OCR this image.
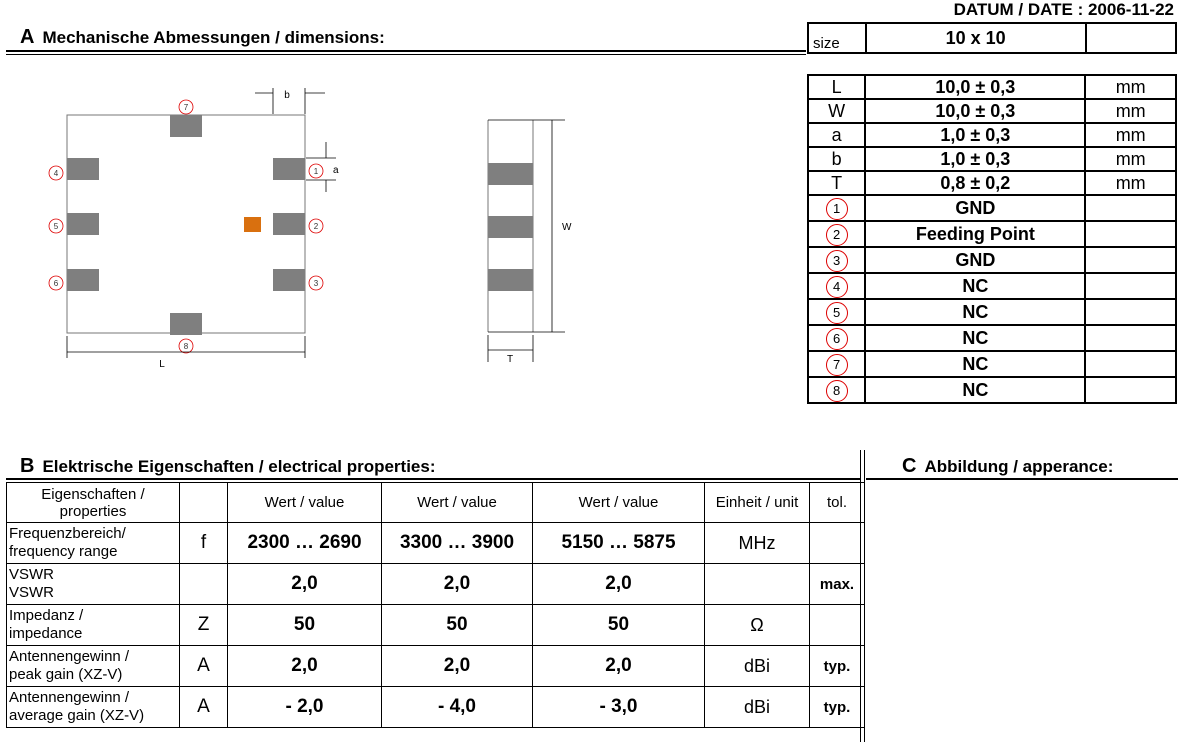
DATUM / DATE : 2006-11-22
A Mechanische Abmessungen / dimensions:	size	10 x 10	
7
8
4
5
6
1
2
3
b
a
L
W
T
L	10,0 ± 0,3	mm
W	10,0 ± 0,3	mm
a	1,0 ± 0,3	mm
b	1,0 ± 0,3	mm
T	0,8 ± 0,2	mm
1	GND	
2	Feeding Point	
3	GND	
4	NC	
5	NC	
6	NC	
7	NC	
8	NC	
B Elektrische Eigenschaften / electrical properties:	C Abbildung / apperance:
Eigenschaften /
properties		Wert / value	Wert / value	Wert / value	Einheit / unit	tol.
Frequenzbereich/
frequency range	f	2300 … 2690	3300 … 3900	5150 … 5875	MHz	
VSWR
VSWR		2,0	2,0	2,0		max.
Impedanz /
impedance	Z	50	50	50	Ω	
Antennengewinn /
peak gain (XZ-V)	A	2,0	2,0	2,0	dBi	typ.
Antennengewinn /
average gain (XZ-V)	A	- 2,0	- 4,0	- 3,0	dBi	typ.
